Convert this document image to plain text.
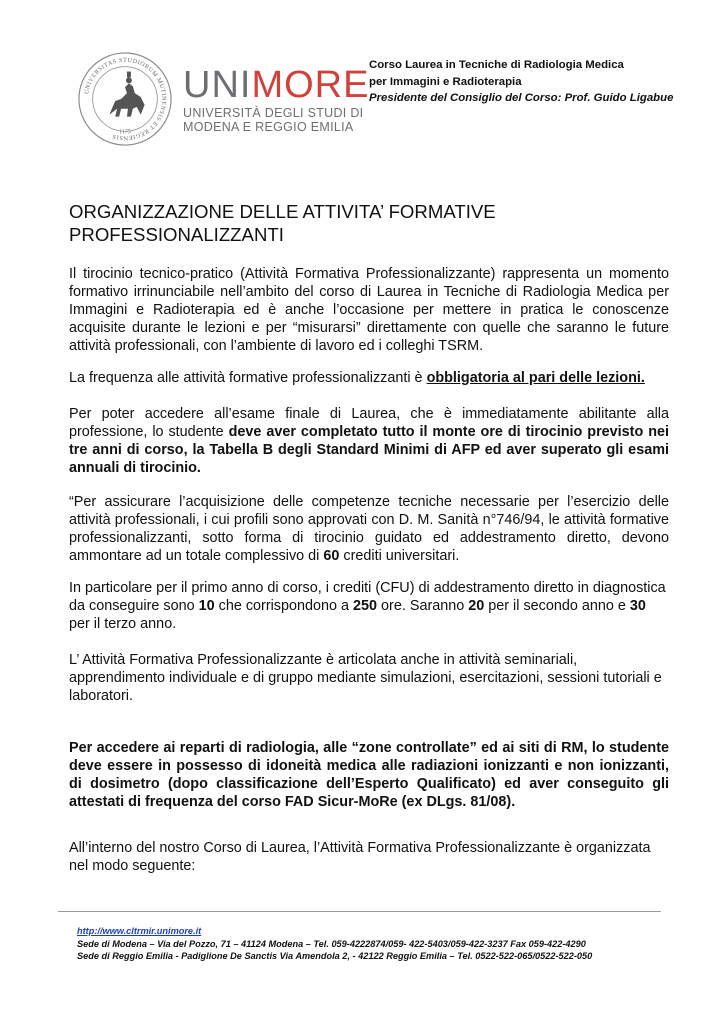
UNIVERSITAS STUDIORUM MUTINENSIS ET REGIENSIS 1175
UNIMORE
UNIVERSITÀ DEGLI STUDI DI
MODENA E REGGIO EMILIA
Corso Laurea in Tecniche di Radiologia Medica
per Immagini e Radioterapia
Presidente del Consiglio del Corso: Prof. Guido Ligabue
ORGANIZZAZIONE DELLE ATTIVITA’ FORMATIVE
PROFESSIONALIZZANTI

Il tirocinio tecnico-pratico (Attività Formativa Professionalizzante) rappresenta un momento formativo irrinunciabile nell’ambito del corso di Laurea in Tecniche di Radiologia Medica per Immagini e Radioterapia ed è anche l’occasione per mettere in pratica le conoscenze acquisite durante le lezioni e per “misurarsi” direttamente con quelle che saranno le future attività professionali, con l’ambiente di lavoro ed i colleghi TSRM.

La frequenza alle attività formative professionalizzanti è obbligatoria al pari delle lezioni.

Per poter accedere all’esame finale di Laurea, che è immediatamente abilitante alla professione, lo studente deve aver completato tutto il monte ore di tirocinio previsto nei tre anni di corso, la Tabella B degli Standard Minimi di AFP ed aver superato gli esami annuali di tirocinio.

“Per assicurare l’acquisizione delle competenze tecniche necessarie per l’esercizio delle attività professionali, i cui profili sono approvati con D. M. Sanità n°746/94, le attività formative professionalizzanti, sotto forma di tirocinio guidato ed addestramento diretto, devono ammontare ad un totale complessivo di 60 crediti universitari.

In particolare per il primo anno di corso, i crediti (CFU) di addestramento diretto in diagnostica da conseguire sono 10 che corrispondono a 250 ore. Saranno 20 per il secondo anno e 30 per il terzo anno.

L’ Attività Formativa Professionalizzante è articolata anche in attività seminariali, apprendimento individuale e di gruppo mediante simulazioni, esercitazioni, sessioni tutoriali e laboratori.

Per accedere ai reparti di radiologia, alle “zone controllate” ed ai siti di RM, lo studente deve essere in possesso di idoneità medica alle radiazioni ionizzanti e non ionizzanti, di dosimetro (dopo classificazione dell’Esperto Qualificato) ed aver conseguito gli attestati di frequenza del corso FAD Sicur-MoRe (ex DLgs. 81/08).

All’interno del nostro Corso di Laurea, l’Attività Formativa Professionalizzante è organizzata nel modo seguente:

http://www.cltrmir.unimore.it
Sede di Modena – Via del Pozzo, 71 – 41124 Modena – Tel. 059-4222874/059- 422-5403/059-422-3237 Fax 059-422-4290
Sede di Reggio Emilia - Padiglione De Sanctis Via Amendola 2, - 42122 Reggio Emilia – Tel. 0522-522-065/0522-522-050
